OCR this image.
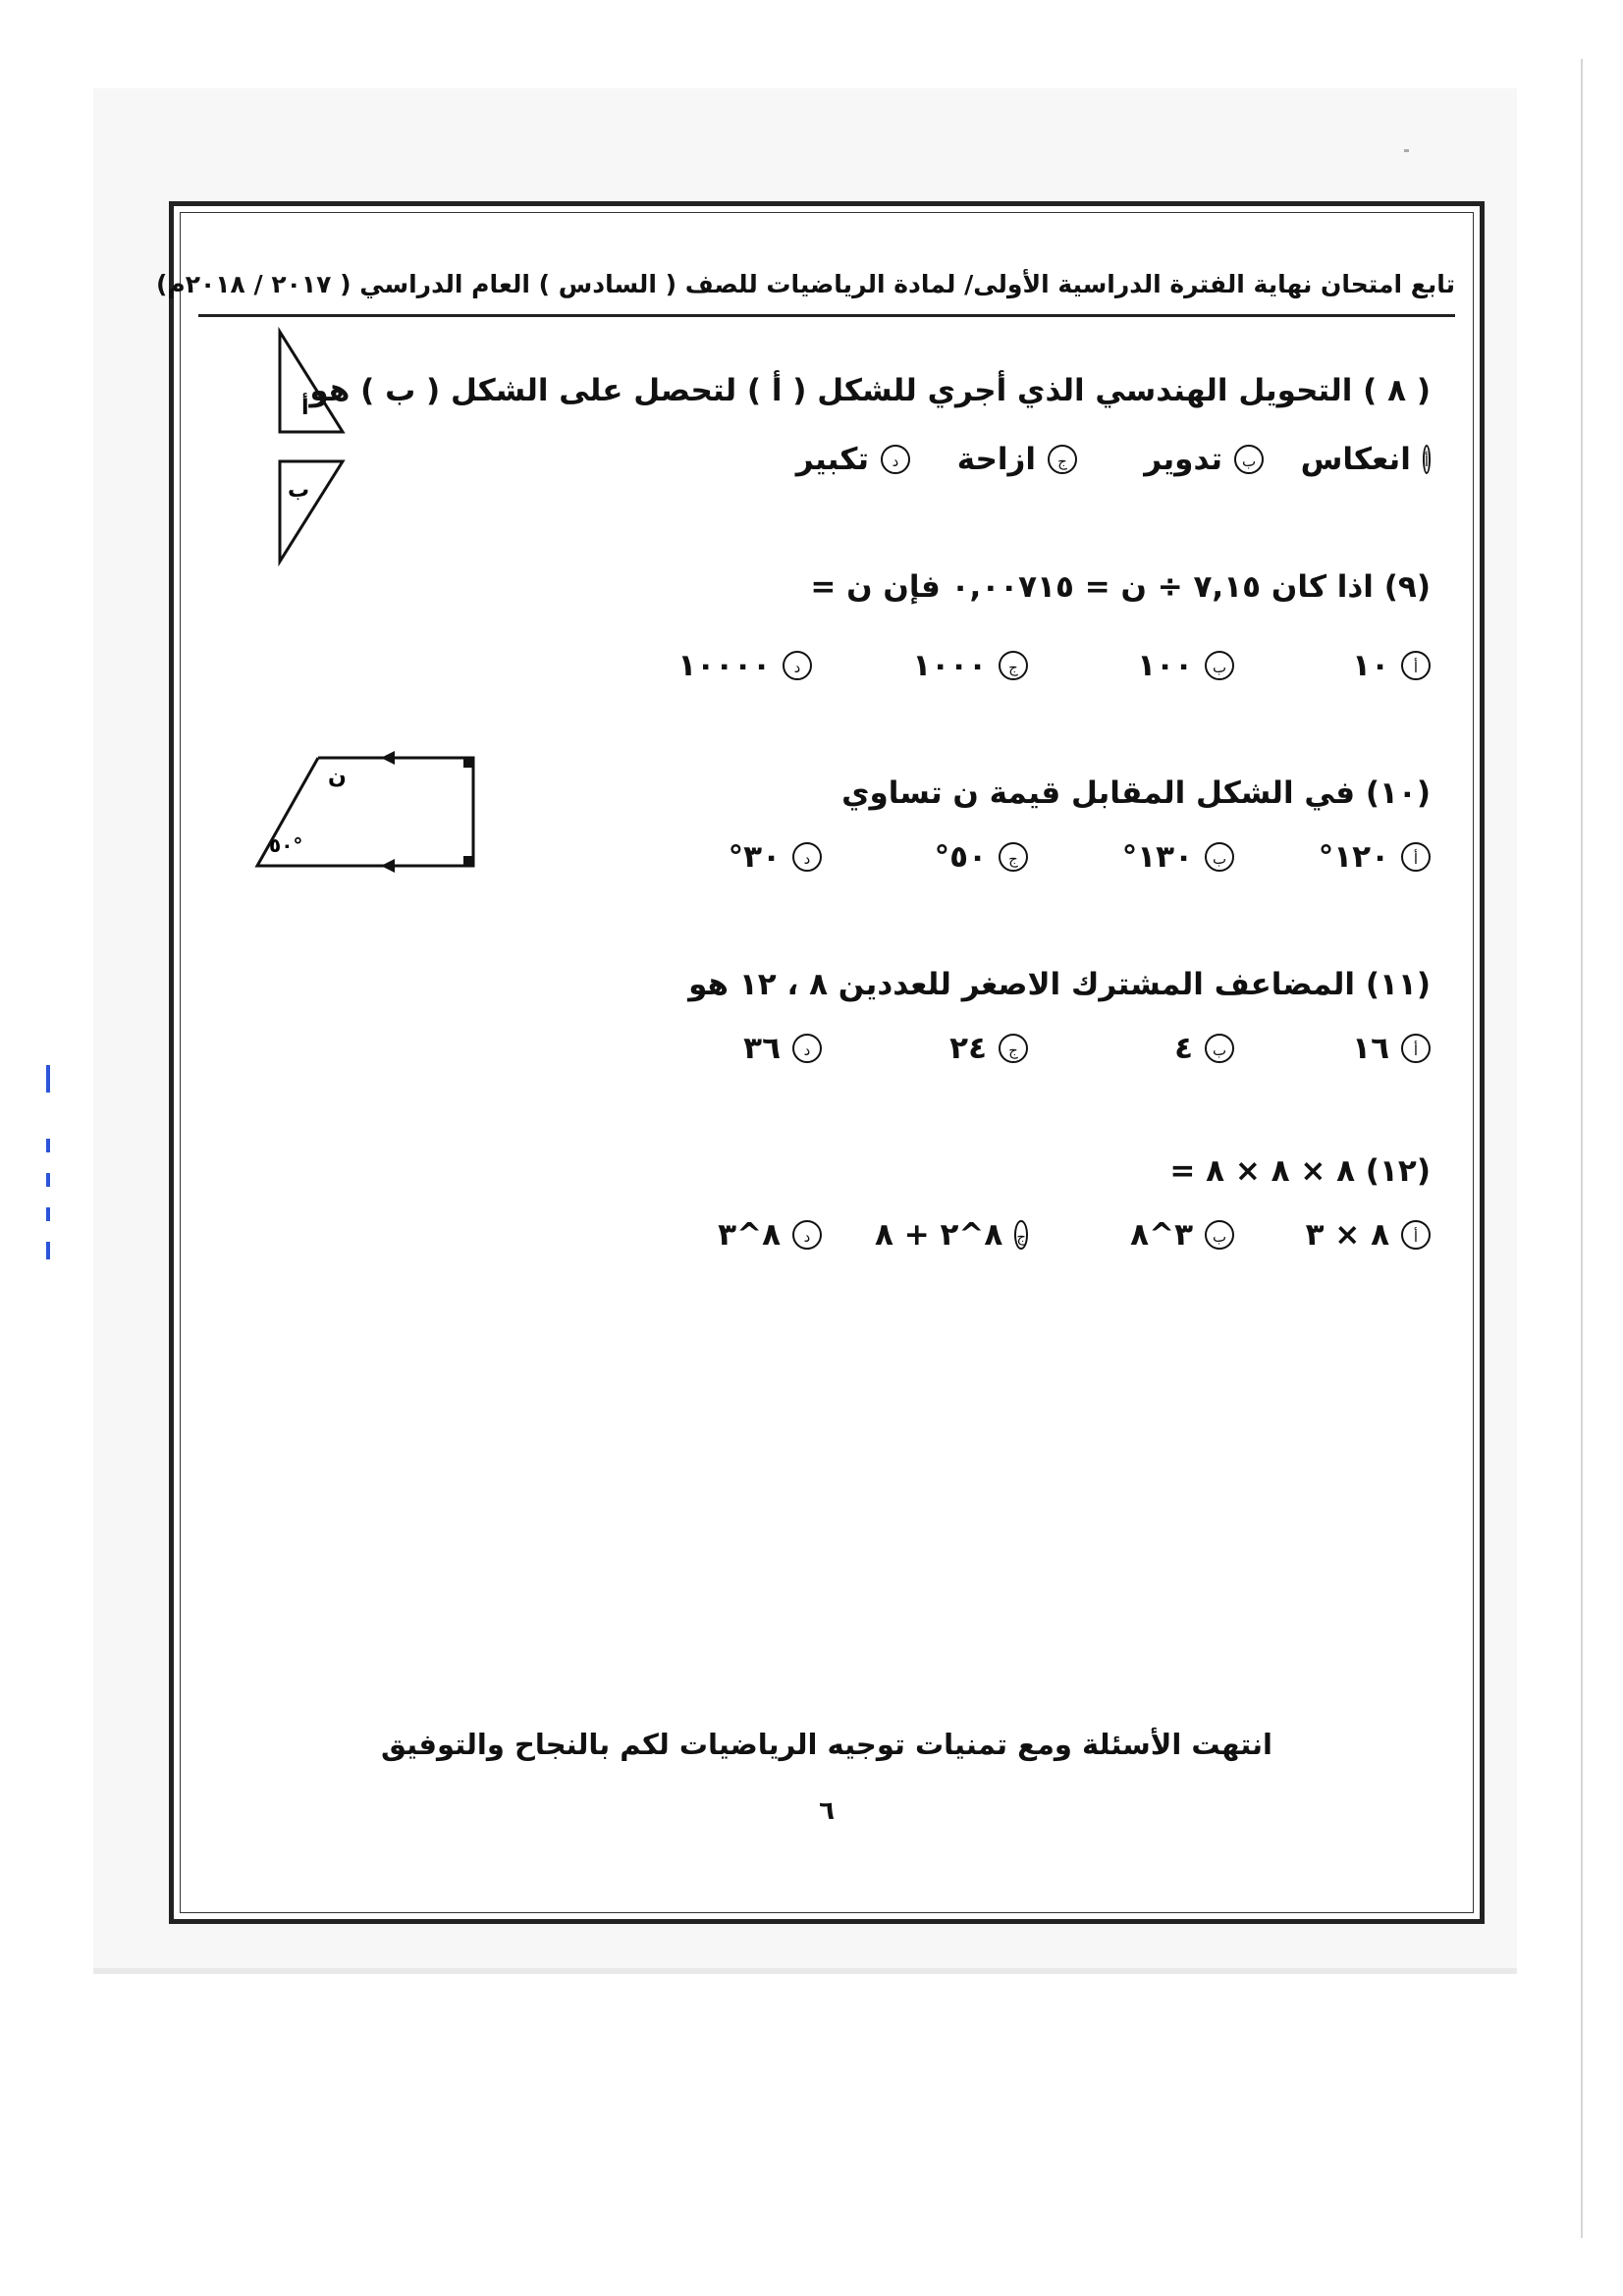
تابع امتحان نهاية الفترة الدراسية الأولى/ لمادة الرياضيات للصف ( السادس ) العام الدراسي ( ٢٠١٧ / ٢٠١٨م)
( ٨ ) التحويل الهندسي الذي أجري للشكل ( أ ) لتحصل على الشكل ( ب ) هو
أ
انعكاس
ب
تدوير
ج
ازاحة
د
تكبير
(٩) اذا كان ٧,١٥ ÷ ن = ٠,٠٠٧١٥ فإن ن =
أ
١٠
ب
١٠٠
ج
١٠٠٠
د
١٠٠٠٠
(١٠) في الشكل المقابل قيمة ن تساوي
أ
١٢٠°
ب
١٣٠°
ج
٥٠°
د
٣٠°
(١١) المضاعف المشترك الاصغر للعددين ٨ ، ١٢ هو
أ
١٦
ب
٤
ج
٢٤
د
٣٦
(١٢) ٨ × ٨ × ٨ =
أ
٨ × ٣
ب
٣^٨
ج
٨^٢ + ٨
د
٨^٣
أ
ب
ن
٥٠°
انتهت الأسئلة ومع تمنيات توجيه الرياضيات لكم بالنجاح والتوفيق
٦
